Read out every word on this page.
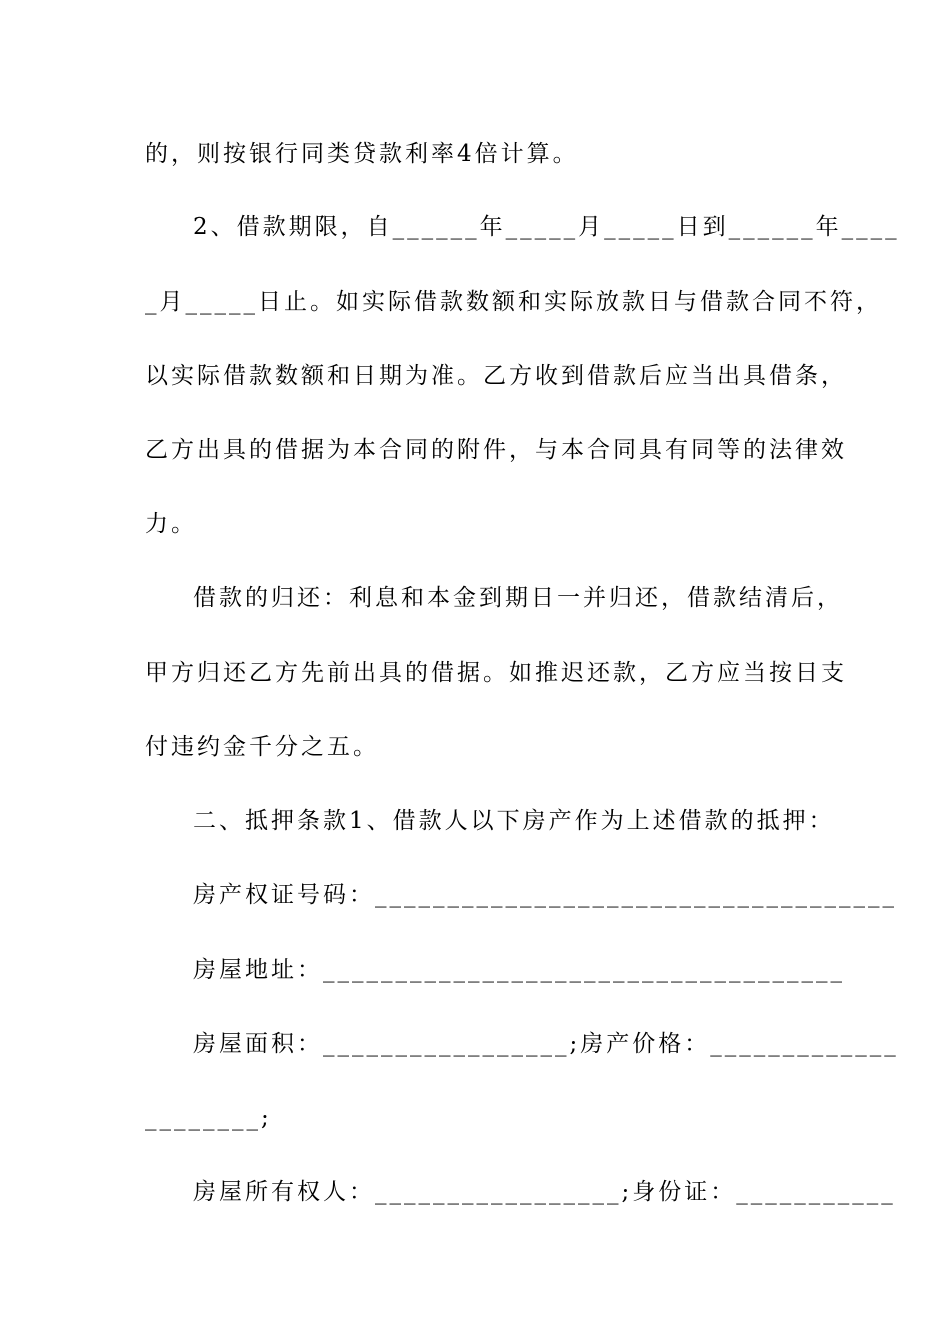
的，则按银行同类贷款利率4倍计算。
2、借款期限，自______年_____月_____日到______年____
_月_____日止。如实际借款数额和实际放款日与借款合同不符，
以实际借款数额和日期为准。乙方收到借款后应当出具借条，
乙方出具的借据为本合同的附件，与本合同具有同等的法律效
力。
借款的归还：利息和本金到期日一并归还，借款结清后，
甲方归还乙方先前出具的借据。如推迟还款，乙方应当按日支
付违约金千分之五。
二、抵押条款1、借款人以下房产作为上述借款的抵押：
房产权证号码：____________________________________
房屋地址：____________________________________
房屋面积：_________________;房产价格：_____________
________;
房屋所有权人：_________________;身份证：___________
